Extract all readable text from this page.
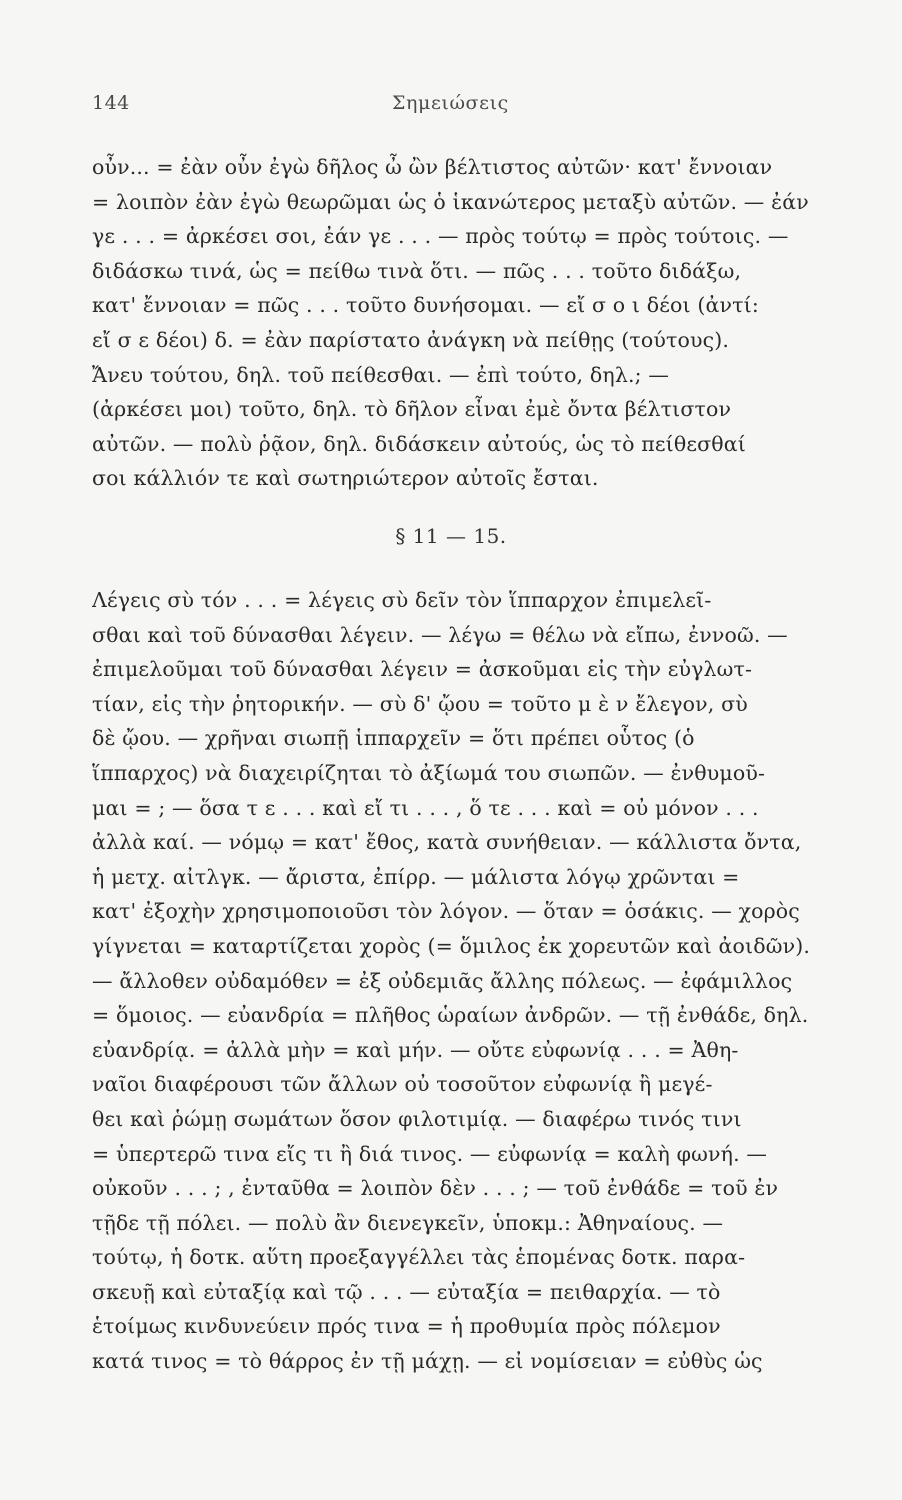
144	Σημειώσεις
οὖν... = ἐὰν οὖν ἐγὼ δῆλος ὦ ὢν βέλτιστος αὐτῶν· κατ' ἔννοιαν
= λοιπὸν ἐὰν ἐγὼ θεωρῶμαι ὡς ὁ ἱκανώτερος μεταξὺ αὐτῶν. — ἐάν
γε . . . = ἀρκέσει σοι, ἐάν γε . . . — πρὸς τούτῳ = πρὸς τούτοις. —
διδάσκω τινά, ὡς = πείθω τινὰ ὅτι. — πῶς . . . τοῦτο διδάξω,
κατ' ἔννοιαν = πῶς . . . τοῦτο δυνήσομαι. — εἴ σ ο ι δέοι (ἀντί:
εἴ σ ε δέοι) δ. = ἐὰν παρίστατο ἀνάγκη νὰ πείθῃς (τούτους).
Ἄνευ τούτου, δηλ. τοῦ πείθεσθαι. — ἐπὶ τούτο, δηλ.; —
(ἀρκέσει μοι) τοῦτο, δηλ. τὸ δῆλον εἶναι ἐμὲ ὄντα βέλτιστον
αὐτῶν. — πολὺ ῥᾷον, δηλ. διδάσκειν αὐτούς, ὡς τὸ πείθεσθαί
σοι κάλλιόν τε καὶ σωτηριώτερον αὐτοῖς ἔσται.
§ 11 — 15.
Λέγεις σὺ τόν . . . = λέγεις σὺ δεῖν τὸν ἵππαρχον ἐπιμελεῖ-
σθαι καὶ τοῦ δύνασθαι λέγειν. — λέγω = θέλω νὰ εἴπω, ἐννοῶ. —
ἐπιμελοῦμαι τοῦ δύνασθαι λέγειν = ἀσκοῦμαι εἰς τὴν εὐγλωτ-
τίαν, εἰς τὴν ῥητορικήν. — σὺ δ' ᾤου = τοῦτο μ ὲ ν ἔλεγον, σὺ
δὲ ᾤου. — χρῆναι σιωπῇ ἱππαρχεῖν = ὅτι πρέπει οὗτος (ὁ
ἵππαρχος) νὰ διαχειρίζηται τὸ ἀξίωμά του σιωπῶν. — ἐνθυμοῦ-
μαι = ; — ὅσα τ ε . . . καὶ εἴ τι . . . , ὅ τε . . . καὶ = οὐ μόνον . . .
ἀλλὰ καί. — νόμῳ = κατ' ἔθος, κατὰ συνήθειαν. — κάλλιστα ὄντα,
ἡ μετχ. αἰτλγκ. — ἄριστα, ἐπίρρ. — μάλιστα λόγῳ χρῶνται =
κατ' ἐξοχὴν χρησιμοποιοῦσι τὸν λόγον. — ὅταν = ὁσάκις. — χορὸς
γίγνεται = καταρτίζεται χορὸς (= ὅμιλος ἐκ χορευτῶν καὶ ἀοιδῶν).
— ἄλλοθεν οὐδαμόθεν = ἐξ οὐδεμιᾶς ἄλλης πόλεως. — ἐφάμιλλος
= ὅμοιος. — εὐανδρία = πλῆθος ὡραίων ἀνδρῶν. — τῇ ἐνθάδε, δηλ.
εὐανδρίᾳ. = ἀλλὰ μὴν = καὶ μήν. — οὔτε εὐφωνίᾳ . . . = Ἀθη-
ναῖοι διαφέρουσι τῶν ἄλλων οὐ τοσοῦτον εὐφωνίᾳ ἢ μεγέ-
θει καὶ ῥώμῃ σωμάτων ὅσον φιλοτιμίᾳ. — διαφέρω τινός τινι
= ὑπερτερῶ τινα εἴς τι ἢ διά τινος. — εὐφωνίᾳ = καλὴ φωνή. —
οὐκοῦν . . . ; , ἐνταῦθα = λοιπὸν δὲν . . . ; — τοῦ ἐνθάδε = τοῦ ἐν
τῇδε τῇ πόλει. — πολὺ ἂν διενεγκεῖν, ὑποκμ.: Ἀθηναίους. —
τούτῳ, ἡ δοτκ. αὕτη προεξαγγέλλει τὰς ἑπομένας δοτκ. παρα-
σκευῇ καὶ εὐταξίᾳ καὶ τῷ . . . — εὐταξία = πειθαρχία. — τὸ
ἑτοίμως κινδυνεύειν πρός τινα = ἡ προθυμία πρὸς πόλεμον
κατά τινος = τὸ θάρρος ἐν τῇ μάχῃ. — εἰ νομίσειαν = εὐθὺς ὡς
